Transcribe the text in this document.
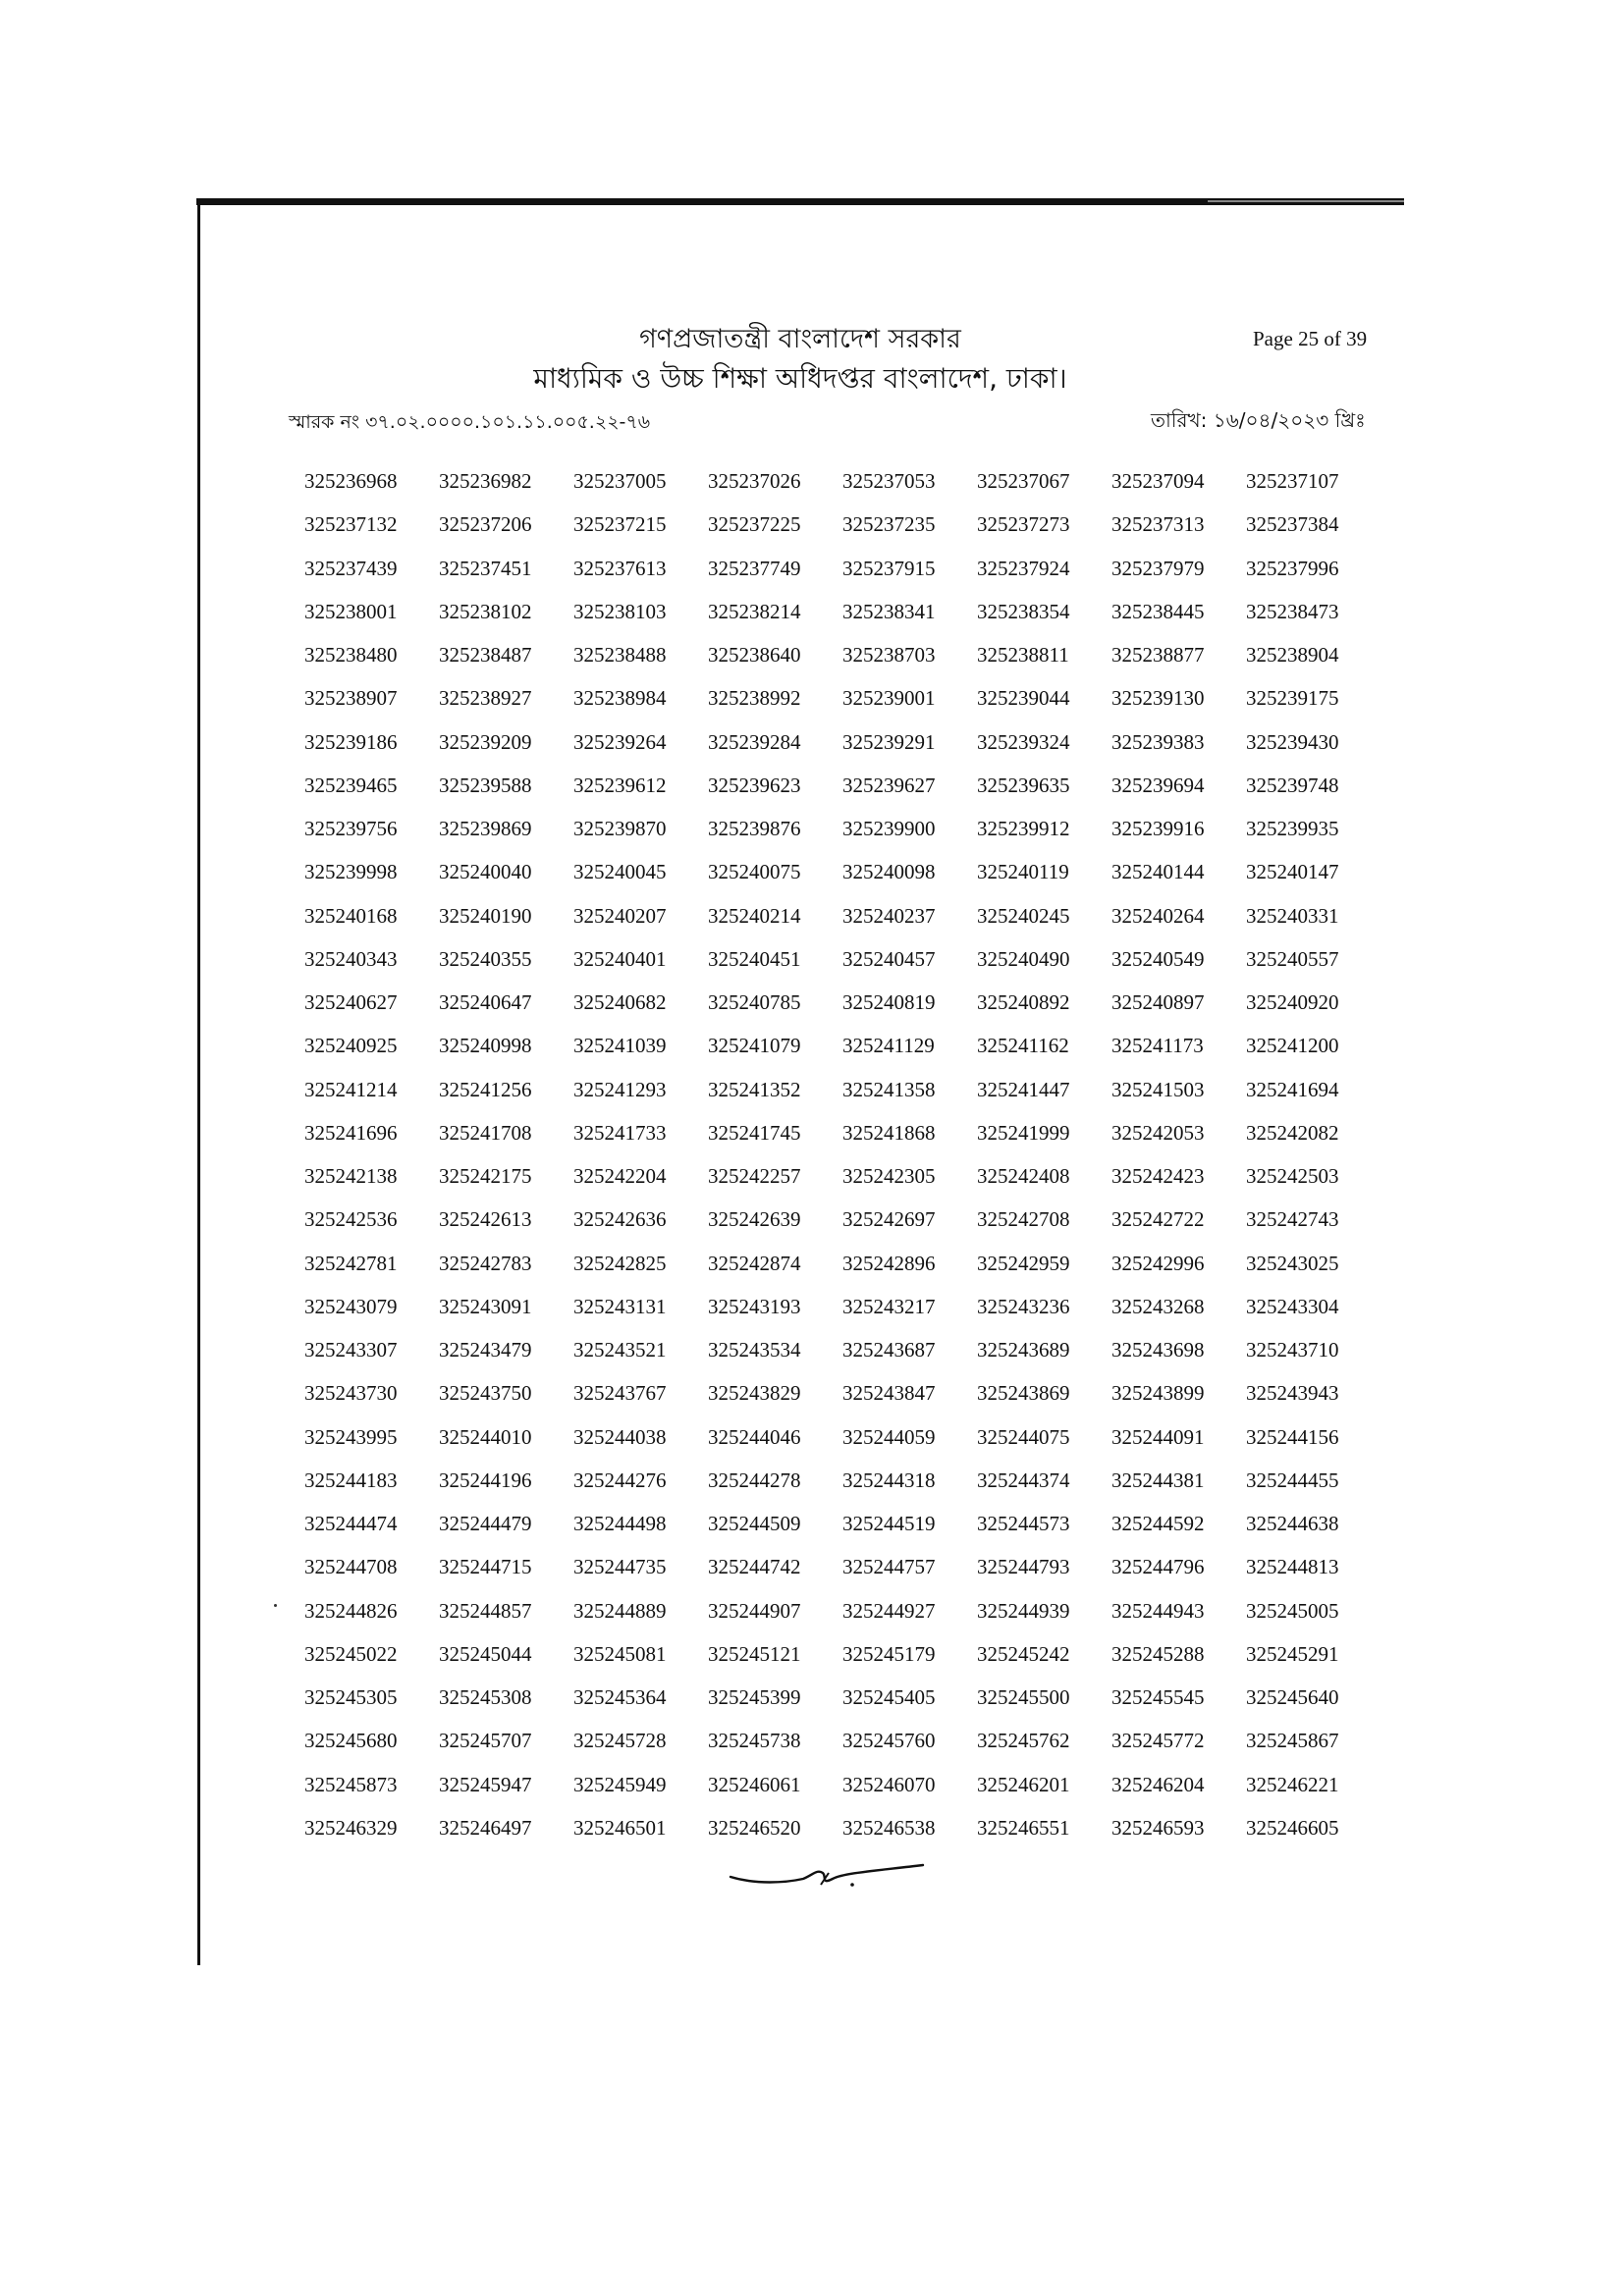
গণপ্রজাতন্ত্রী বাংলাদেশ সরকার

মাধ্যমিক ও উচ্চ শিক্ষা অধিদপ্তর বাংলাদেশ, ঢাকা।

Page 25 of 39
স্মারক নং ৩৭.০২.০০০০.১০১.১১.০০৫.২২-৭৬	তারিখ: ১৬/০৪/২০২৩ খ্রিঃ
325236968	325236982	325237005	325237026	325237053	325237067	325237094	325237107
325237132	325237206	325237215	325237225	325237235	325237273	325237313	325237384
325237439	325237451	325237613	325237749	325237915	325237924	325237979	325237996
325238001	325238102	325238103	325238214	325238341	325238354	325238445	325238473
325238480	325238487	325238488	325238640	325238703	325238811	325238877	325238904
325238907	325238927	325238984	325238992	325239001	325239044	325239130	325239175
325239186	325239209	325239264	325239284	325239291	325239324	325239383	325239430
325239465	325239588	325239612	325239623	325239627	325239635	325239694	325239748
325239756	325239869	325239870	325239876	325239900	325239912	325239916	325239935
325239998	325240040	325240045	325240075	325240098	325240119	325240144	325240147
325240168	325240190	325240207	325240214	325240237	325240245	325240264	325240331
325240343	325240355	325240401	325240451	325240457	325240490	325240549	325240557
325240627	325240647	325240682	325240785	325240819	325240892	325240897	325240920
325240925	325240998	325241039	325241079	325241129	325241162	325241173	325241200
325241214	325241256	325241293	325241352	325241358	325241447	325241503	325241694
325241696	325241708	325241733	325241745	325241868	325241999	325242053	325242082
325242138	325242175	325242204	325242257	325242305	325242408	325242423	325242503
325242536	325242613	325242636	325242639	325242697	325242708	325242722	325242743
325242781	325242783	325242825	325242874	325242896	325242959	325242996	325243025
325243079	325243091	325243131	325243193	325243217	325243236	325243268	325243304
325243307	325243479	325243521	325243534	325243687	325243689	325243698	325243710
325243730	325243750	325243767	325243829	325243847	325243869	325243899	325243943
325243995	325244010	325244038	325244046	325244059	325244075	325244091	325244156
325244183	325244196	325244276	325244278	325244318	325244374	325244381	325244455
325244474	325244479	325244498	325244509	325244519	325244573	325244592	325244638
325244708	325244715	325244735	325244742	325244757	325244793	325244796	325244813
325244826	325244857	325244889	325244907	325244927	325244939	325244943	325245005
325245022	325245044	325245081	325245121	325245179	325245242	325245288	325245291
325245305	325245308	325245364	325245399	325245405	325245500	325245545	325245640
325245680	325245707	325245728	325245738	325245760	325245762	325245772	325245867
325245873	325245947	325245949	325246061	325246070	325246201	325246204	325246221
325246329	325246497	325246501	325246520	325246538	325246551	325246593	325246605
